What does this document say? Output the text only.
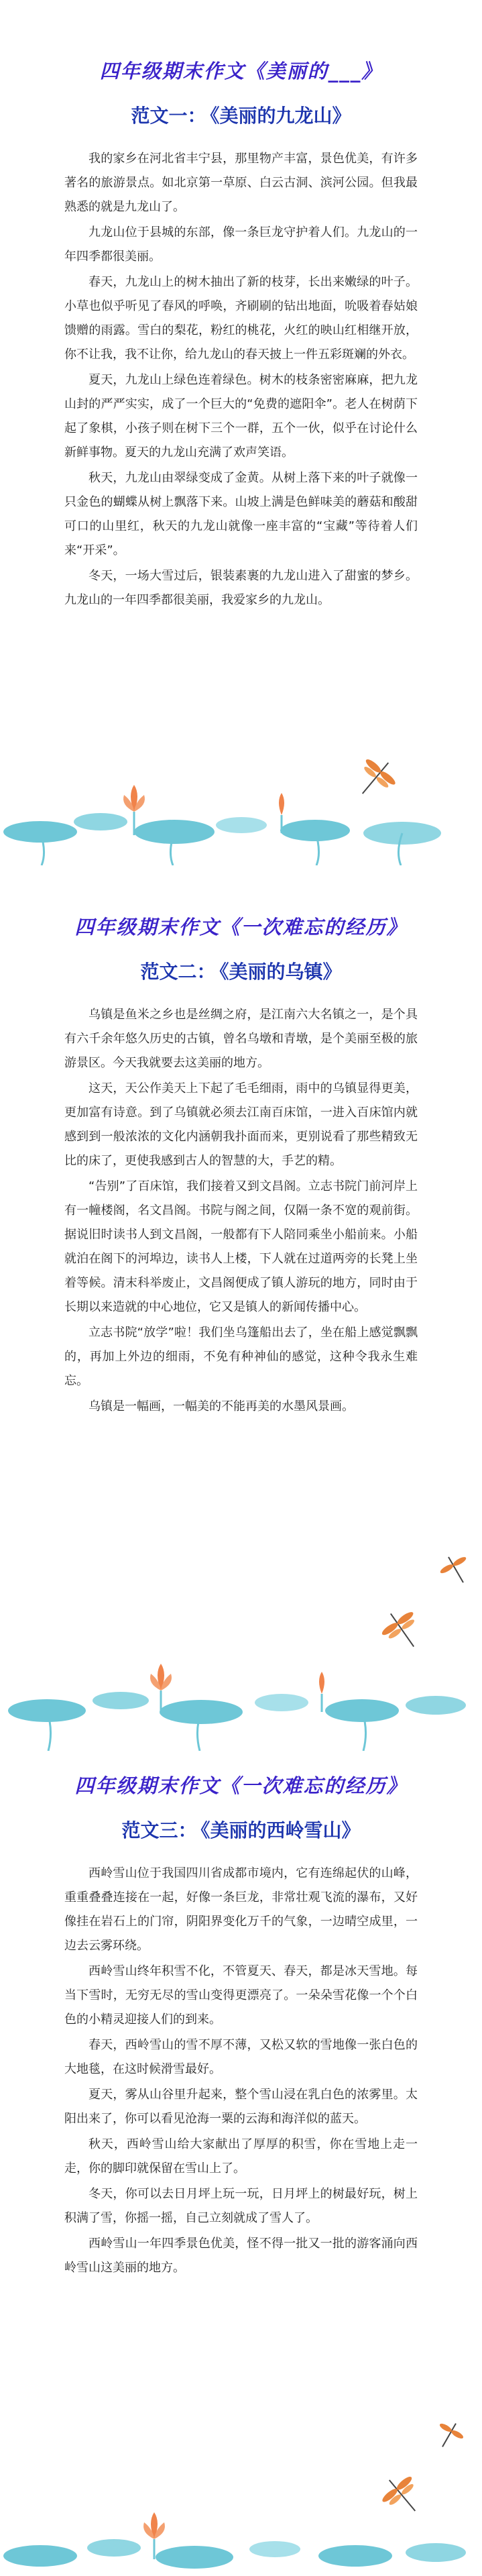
四年级期末作文《美丽的___》
范文一： 《美丽的九龙山》

我的家乡在河北省丰宁县，那里物产丰富，景色优美，有许多著名的旅游景点。如北京第一草原、白云古洞、滨河公园。但我最熟悉的就是九龙山了。

九龙山位于县城的东部，像一条巨龙守护着人们。九龙山的一年四季都很美丽。

春天，九龙山上的树木抽出了新的枝芽，长出来嫩绿的叶子。小草也似乎听见了春风的呼唤，齐刷刷的钻出地面，吮吸着春姑娘馈赠的雨露。雪白的梨花，粉红的桃花，火红的映山红相继开放，你不让我，我不让你，给九龙山的春天披上一件五彩斑斓的外衣。

夏天，九龙山上绿色连着绿色。树木的枝条密密麻麻，把九龙山封的严严实实，成了一个巨大的“免费的遮阳伞”。老人在树荫下起了象棋，小孩子则在树下三个一群，五个一伙，似乎在讨论什么新鲜事物。夏天的九龙山充满了欢声笑语。

秋天，九龙山由翠绿变成了金黄。从树上落下来的叶子就像一只金色的蝴蝶从树上飘落下来。山坡上满是色鲜味美的蘑菇和酸甜可口的山里红，秋天的九龙山就像一座丰富的“宝藏”等待着人们来“开采”。

冬天，一场大雪过后，银装素裹的九龙山进入了甜蜜的梦乡。九龙山的一年四季都很美丽，我爱家乡的九龙山。

四年级期末作文《一次难忘的经历》
范文二： 《美丽的乌镇》

乌镇是鱼米之乡也是丝绸之府，是江南六大名镇之一，是个具有六千余年悠久历史的古镇，曾名乌墩和青墩，是个美丽至极的旅游景区。今天我就要去这美丽的地方。

这天，天公作美天上下起了毛毛细雨，雨中的乌镇显得更美，更加富有诗意。到了乌镇就必须去江南百床馆，一进入百床馆内就感到到一般浓浓的文化内涵朝我扑面而来，更别说看了那些精致无比的床了，更使我感到古人的智慧的大，手艺的精。

“告别”了百床馆，我们接着又到文昌阁。立志书院门前河岸上有一幢楼阁，名文昌阁。书院与阁之间，仅隔一条不宽的观前街。据说旧时读书人到文昌阁，一般都有下人陪同乘坐小船前来。小船就泊在阁下的河埠边，读书人上楼，下人就在过道两旁的长凳上坐着等候。清末科举废止，文昌阁便成了镇人游玩的地方，同时由于长期以来造就的中心地位，它又是镇人的新闻传播中心。

立志书院“放学”啦！我们坐乌篷船出去了，坐在船上感觉飘飘的，再加上外边的细雨，不免有种神仙的感觉，这种令我永生难忘。

乌镇是一幅画，一幅美的不能再美的水墨风景画。

四年级期末作文《一次难忘的经历》
范文三： 《美丽的西岭雪山》

西岭雪山位于我国四川省成都市境内，它有连绵起伏的山峰，重重叠叠连接在一起，好像一条巨龙，非常壮观飞流的瀑布，又好像挂在岩石上的门帘，阴阳界变化万千的气象，一边晴空成里，一边去云雾环绕。

西岭雪山终年积雪不化，不管夏天、春天，都是冰天雪地。每当下雪时，无穷无尽的雪山变得更漂亮了。一朵朵雪花像一个个白色的小精灵迎接人们的到来。

春天，西岭雪山的雪不厚不薄，又松又软的雪地像一张白色的大地毯，在这时候滑雪最好。

夏天，雾从山谷里升起来，整个雪山浸在乳白色的浓雾里。太阳出来了，你可以看见沧海一粟的云海和海洋似的蓝天。

秋天，西岭雪山给大家献出了厚厚的积雪，你在雪地上走一走，你的脚印就保留在雪山上了。

冬天，你可以去日月坪上玩一玩，日月坪上的树最好玩，树上积满了雪，你摇一摇，自己立刻就成了雪人了。

西岭雪山一年四季景色优美，怪不得一批又一批的游客涌向西岭雪山这美丽的地方。
